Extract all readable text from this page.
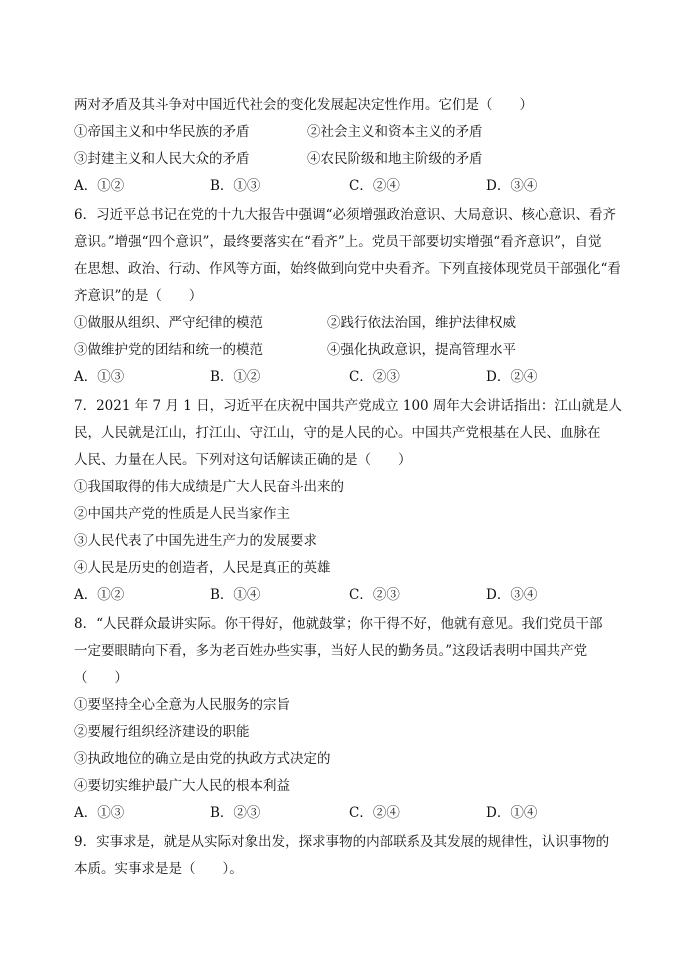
两对矛盾及其斗争对中国近代社会的变化发展起决定性作用。它们是（　　）
①帝国主义和中华民族的矛盾	②社会主义和资本主义的矛盾
③封建主义和人民大众的矛盾	④农民阶级和地主阶级的矛盾
A．①②	B．①③	C．②④	D．③④
6．习近平总书记在党的十九大报告中强调“必须增强政治意识、大局意识、核心意识、看齐
意识。”增强“四个意识”，最终要落实在“看齐”上。党员干部要切实增强“看齐意识”，自觉
在思想、政治、行动、作风等方面，始终做到向党中央看齐。下列直接体现党员干部强化“看
齐意识”的是（　　）
①做服从组织、严守纪律的模范	②践行依法治国，维护法律权威
③做维护党的团结和统一的模范	④强化执政意识，提高管理水平
A．①③	B．①②	C．②③	D．②④
7．2021 年 7 月 1 日，习近平在庆祝中国共产党成立 100 周年大会讲话指出：江山就是人
民，人民就是江山，打江山、守江山，守的是人民的心。中国共产党根基在人民、血脉在
人民、力量在人民。下列对这句话解读正确的是（　　）
①我国取得的伟大成绩是广大人民奋斗出来的
②中国共产党的性质是人民当家作主
③人民代表了中国先进生产力的发展要求
④人民是历史的创造者，人民是真正的英雄
A．①②	B．①④	C．②③	D．③④
8．“人民群众最讲实际。你干得好，他就鼓掌；你干得不好，他就有意见。我们党员干部
一定要眼睛向下看，多为老百姓办些实事，当好人民的勤务员。”这段话表明中国共产党
（　　）
①要坚持全心全意为人民服务的宗旨
②要履行组织经济建设的职能
③执政地位的确立是由党的执政方式决定的
④要切实维护最广大人民的根本利益
A．①③	B．②③	C．②④	D．①④
9．实事求是，就是从实际对象出发，探求事物的内部联系及其发展的规律性，认识事物的
本质。实事求是是（　　）。
